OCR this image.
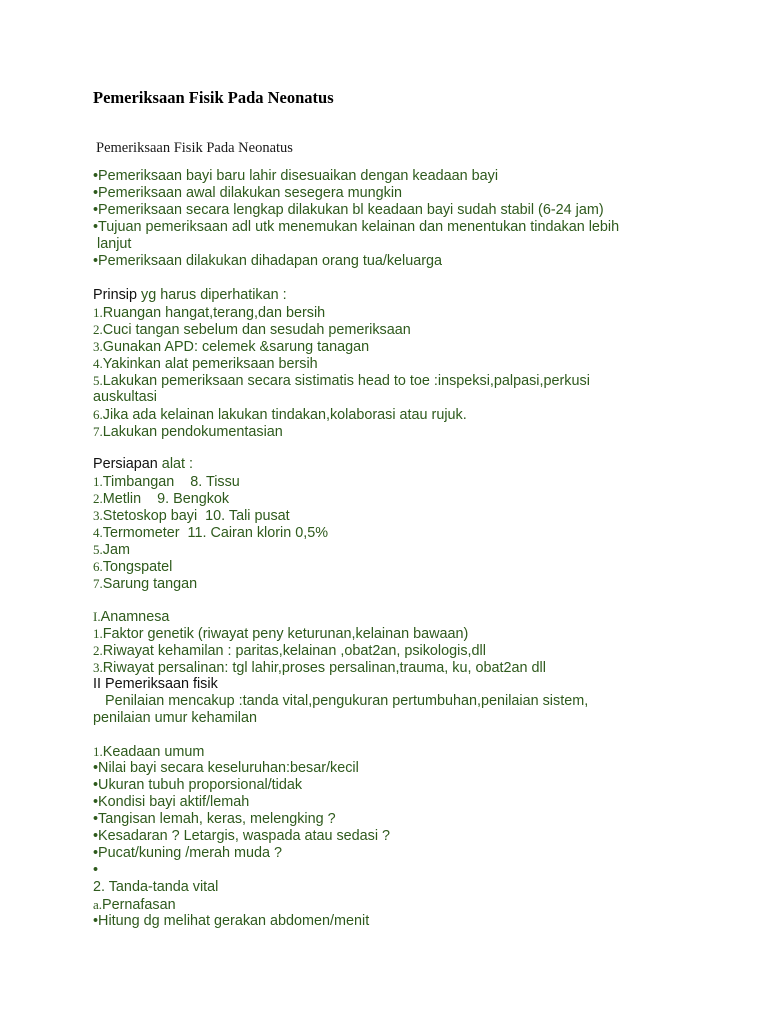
Pemeriksaan Fisik Pada Neonatus
Pemeriksaan Fisik Pada Neonatus
•Pemeriksaan bayi baru lahir disesuaikan dengan keadaan bayi
•Pemeriksaan awal dilakukan sesegera mungkin
•Pemeriksaan secara lengkap dilakukan bl keadaan bayi sudah stabil (6-24 jam)
•Tujuan pemeriksaan adl utk menemukan kelainan dan menentukan tindakan lebih
lanjut
•Pemeriksaan dilakukan dihadapan orang tua/keluarga
Prinsip yg harus diperhatikan :
1.Ruangan hangat,terang,dan bersih
2.Cuci tangan sebelum dan sesudah pemeriksaan
3.Gunakan APD: celemek &sarung tanagan
4.Yakinkan alat pemeriksaan bersih
5.Lakukan pemeriksaan secara sistimatis head to toe :inspeksi,palpasi,perkusi
auskultasi
6.Jika ada kelainan lakukan tindakan,kolaborasi atau rujuk.
7.Lakukan pendokumentasian
Persiapan alat :
1.Timbangan    8. Tissu
2.Metlin    9. Bengkok
3.Stetoskop bayi  10. Tali pusat
4.Termometer  11. Cairan klorin 0,5%
5.Jam
6.Tongspatel
7.Sarung tangan
I.Anamnesa
1.Faktor genetik (riwayat peny keturunan,kelainan bawaan)
2.Riwayat kehamilan : paritas,kelainan ,obat2an, psikologis,dll
3.Riwayat persalinan: tgl lahir,proses persalinan,trauma, ku, obat2an dll
II Pemeriksaan fisik
Penilaian mencakup :tanda vital,pengukuran pertumbuhan,penilaian sistem,
penilaian umur kehamilan
1.Keadaan umum
•Nilai bayi secara keseluruhan:besar/kecil
•Ukuran tubuh proporsional/tidak
•Kondisi bayi aktif/lemah
•Tangisan lemah, keras, melengking ?
•Kesadaran ? Letargis, waspada atau sedasi ?
•Pucat/kuning /merah muda ?
•
2. Tanda-tanda vital
a.Pernafasan
•Hitung dg melihat gerakan abdomen/menit
